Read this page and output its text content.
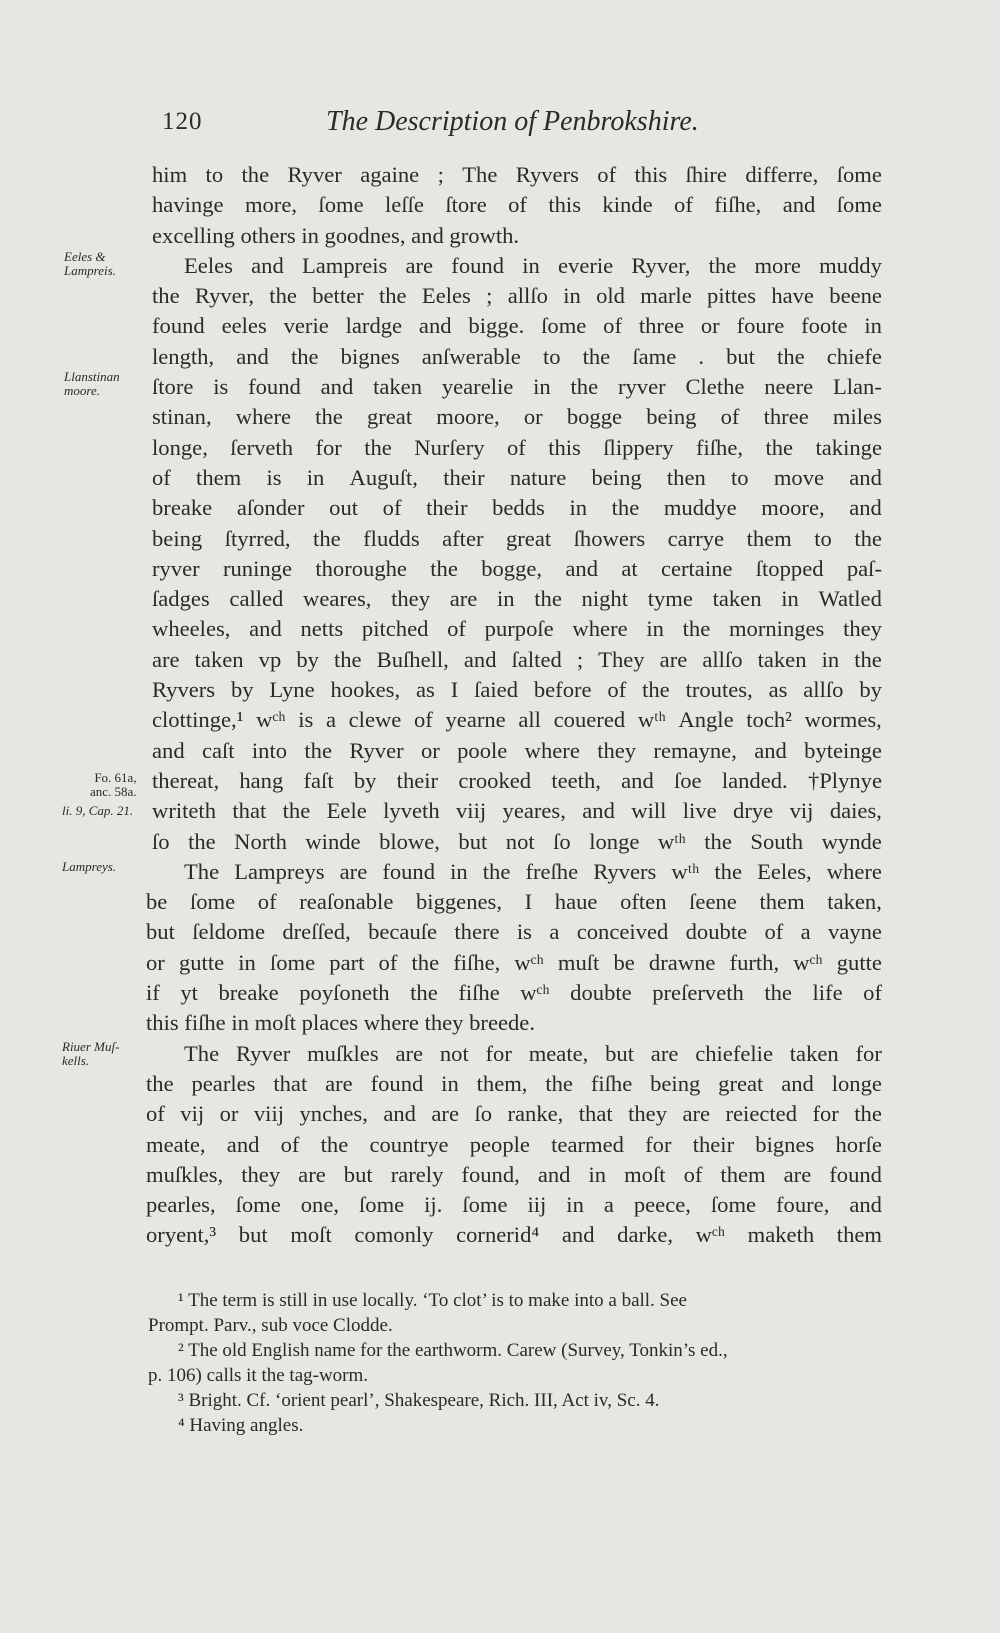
120	The Description of Penbrokshire.
Eeles &
Lampreis.
Llanstinan
moore.
Fo. 61a,
anc. 58a.
li. 9, Cap. 21.
Lampreys.
Riuer Muſ-
kells.
him to the Ryver againe ; The Ryvers of this ſhire differre, ſome
havinge more, ſome leſſe ſtore of this kinde of fiſhe, and ſome
excelling others in goodnes, and growth.
Eeles and Lampreis are found in everie Ryver, the more muddy
the Ryver, the better the Eeles ; allſo in old marle pittes have beene
found eeles verie lardge and bigge. ſome of three or foure foote in
length, and the bignes anſwerable to the ſame . but the chiefe
ſtore is found and taken yearelie in the ryver Clethe neere Llan-
stinan, where the great moore, or bogge being of three miles
longe, ſerveth for the Nurſery of this ſlippery fiſhe, the takinge
of them is in Auguſt, their nature being then to move and
breake aſonder out of their bedds in the muddye moore, and
being ſtyrred, the fludds after great ſhowers carrye them to the
ryver runinge thoroughe the bogge, and at certaine ſtopped paſ-
ſadges called weares, they are in the night tyme taken in Watled
wheeles, and netts pitched of purpoſe where in the morninges they
are taken vp by the Buſhell, and ſalted ; They are allſo taken in the
Ryvers by Lyne hookes, as I ſaied before of the troutes, as allſo by
clottinge,¹ wᶜʰ is a clewe of yearne all couered wᵗʰ Angle toch² wormes,
and caſt into the Ryver or poole where they remayne, and byteinge
thereat, hang faſt by their crooked teeth, and ſoe landed. †Plynye
writeth that the Eele lyveth viij yeares, and will live drye vij daies,
ſo the North winde blowe, but not ſo longe wᵗʰ the South wynde
The Lampreys are found in the freſhe Ryvers wᵗʰ the Eeles, where
be ſome of reaſonable biggenes, I haue often ſeene them taken,
but ſeldome dreſſed, becauſe there is a conceived doubte of a vayne
or gutte in ſome part of the fiſhe, wᶜʰ muſt be drawne furth, wᶜʰ gutte
if yt breake poyſoneth the fiſhe wᶜʰ doubte preſerveth the life of
this fiſhe in moſt places where they breede.
The Ryver muſkles are not for meate, but are chiefelie taken for
the pearles that are found in them, the fiſhe being great and longe
of vij or viij ynches, and are ſo ranke, that they are reiected for the
meate, and of the countrye people tearmed for their bignes horſe
muſkles, they are but rarely found, and in moſt of them are found
pearles, ſome one, ſome ij. ſome iij in a peece, ſome foure, and
oryent,³ but moſt comonly cornerid⁴ and darke, wᶜʰ maketh them
¹ The term is still in use locally. ‘To clot’ is to make into a ball. See
Prompt. Parv., sub voce Clodde.
² The old English name for the earthworm. Carew (Survey, Tonkin’s ed.,
p. 106) calls it the tag-worm.
³ Bright. Cf. ‘orient pearl’, Shakespeare, Rich. III, Act iv, Sc. 4.
⁴ Having angles.
